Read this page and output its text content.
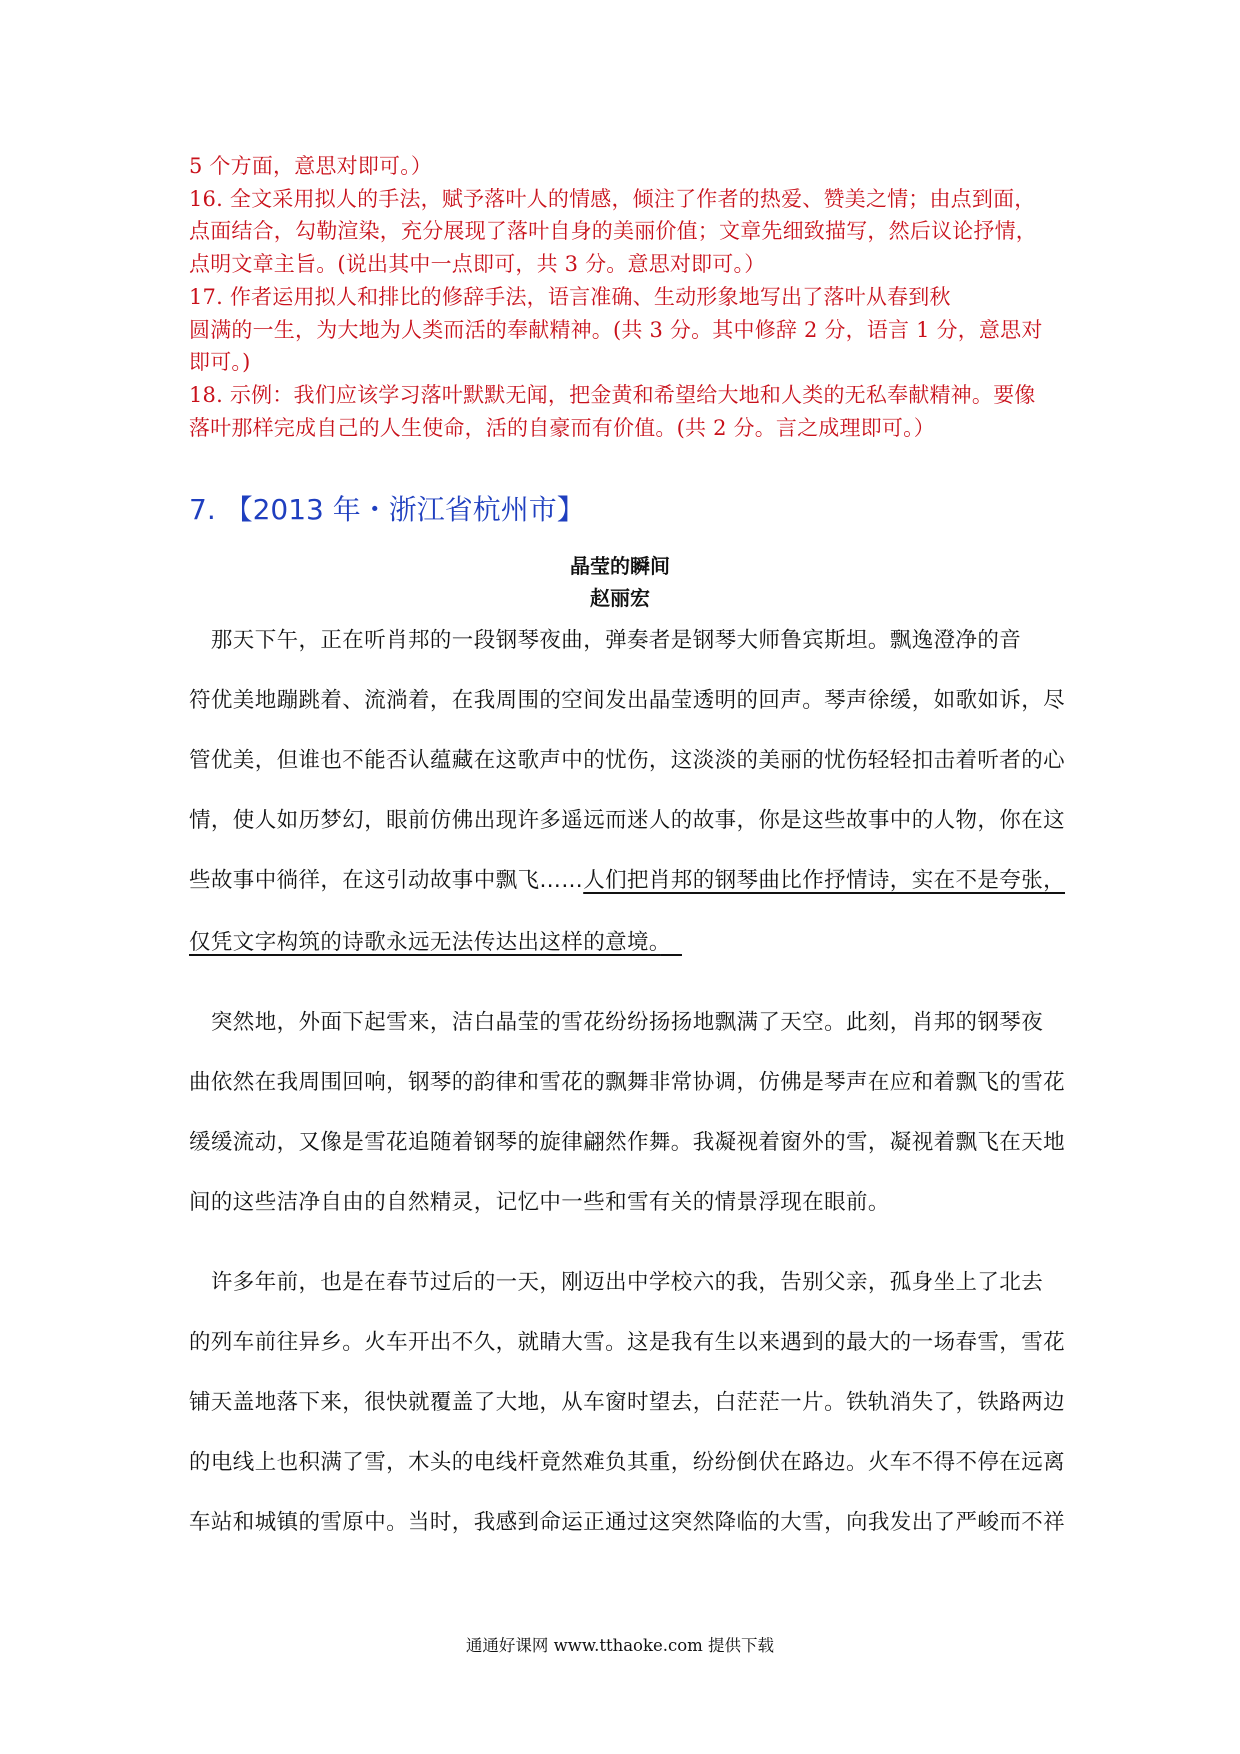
5 个方面，意思对即可。）
16. 全文采用拟人的手法，赋予落叶人的情感，倾注了作者的热爱、赞美之情；由点到面，
点面结合，勾勒渲染，充分展现了落叶自身的美丽价值；文章先细致描写，然后议论抒情，
点明文章主旨。(说出其中一点即可，共 3 分。意思对即可。）
17. 作者运用拟人和排比的修辞手法，语言准确、生动形象地写出了落叶从春到秋
圆满的一生，为大地为人类而活的奉献精神。(共 3 分。其中修辞 2 分，语言 1 分，意思对
即可。)
18. 示例：我们应该学习落叶默默无闻，把金黄和希望给大地和人类的无私奉献精神。要像
落叶那样完成自己的人生使命，活的自豪而有价值。(共 2 分。言之成理即可。）
7. 【2013 年・浙江省杭州市】
晶莹的瞬间
赵丽宏
　那天下午，正在听肖邦的一段钢琴夜曲，弹奏者是钢琴大师鲁宾斯坦。飘逸澄净的音
符优美地蹦跳着、流淌着，在我周围的空间发出晶莹透明的回声。琴声徐缓，如歌如诉，尽
管优美，但谁也不能否认蕴藏在这歌声中的忧伤，这淡淡的美丽的忧伤轻轻扣击着听者的心
情，使人如历梦幻，眼前仿佛出现许多遥远而迷人的故事，你是这些故事中的人物，你在这
些故事中徜徉，在这引动故事中飘飞……人们把肖邦的钢琴曲比作抒情诗，实在不是夸张，
仅凭文字构筑的诗歌永远无法传达出这样的意境。　
　突然地，外面下起雪来，洁白晶莹的雪花纷纷扬扬地飘满了天空。此刻，肖邦的钢琴夜
曲依然在我周围回响，钢琴的韵律和雪花的飘舞非常协调，仿佛是琴声在应和着飘飞的雪花
缓缓流动，又像是雪花追随着钢琴的旋律翩然作舞。我凝视着窗外的雪，凝视着飘飞在天地
间的这些洁净自由的自然精灵，记忆中一些和雪有关的情景浮现在眼前。
　许多年前，也是在春节过后的一天，刚迈出中学校六的我，告别父亲，孤身坐上了北去
的列车前往异乡。火车开出不久，就睛大雪。这是我有生以来遇到的最大的一场春雪，雪花
铺天盖地落下来，很快就覆盖了大地，从车窗时望去，白茫茫一片。铁轨消失了，铁路两边
的电线上也积满了雪，木头的电线杆竟然难负其重，纷纷倒伏在路边。火车不得不停在远离
车站和城镇的雪原中。当时，我感到命运正通过这突然降临的大雪，向我发出了严峻而不祥
通通好课网 www.tthaoke.com 提供下载
